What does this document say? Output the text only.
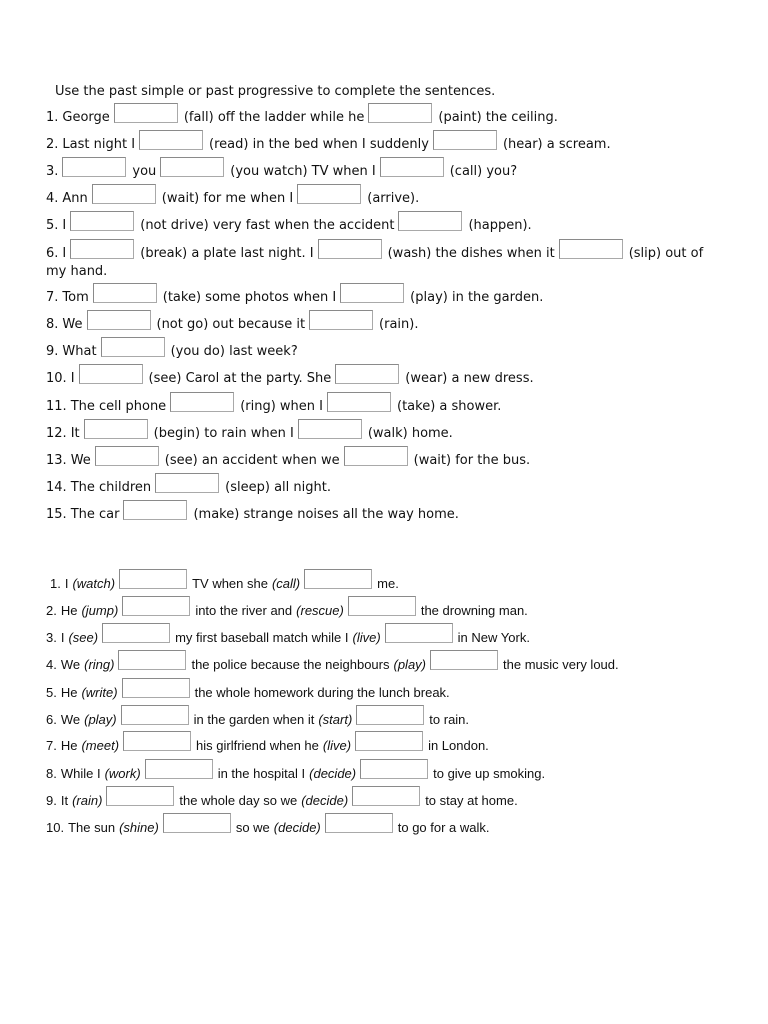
Use the past simple or past progressive to complete the sentences.
1. George	(fall) off the ladder while he	(paint) the ceiling.
2. Last night I	(read) in the bed when I suddenly	(hear) a scream.
3.	you	(you watch) TV when I	(call) you?
4. Ann	(wait) for me when I	(arrive).
5. I	(not drive) very fast when the accident	(happen).
6. I	(break) a plate last night. I	(wash) the dishes when it	(slip) out of
my hand.
7. Tom	(take) some photos when I	(play) in the garden.
8. We	(not go) out because it	(rain).
9. What	(you do) last week?
10. I	(see) Carol at the party. She	(wear) a new dress.
11. The cell phone	(ring) when I	(take) a shower.
12. It	(begin) to rain when I	(walk) home.
13. We	(see) an accident when we	(wait) for the bus.
14. The children	(sleep) all night.
15. The car	(make) strange noises all the way home.
1. I (watch)	TV when she (call)	me.
2. He (jump)	into the river and (rescue)	the drowning man.
3. I (see)	my first baseball match while I (live)	in New York.
4. We (ring)	the police because the neighbours (play)	the music very loud.
5. He (write)	the whole homework during the lunch break.
6. We (play)	in the garden when it (start)	to rain.
7. He (meet)	his girlfriend when he (live)	in London.
8. While I (work)	in the hospital I (decide)	to give up smoking.
9. It (rain)	the whole day so we (decide)	to stay at home.
10. The sun (shine)	so we (decide)	to go for a walk.
